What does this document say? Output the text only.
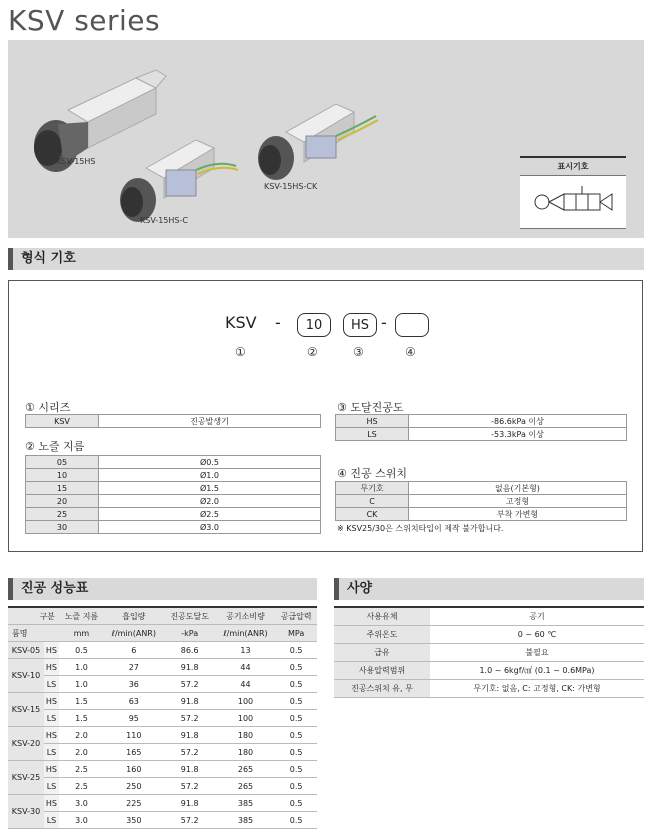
KSV series
KSV-15HS
KSV-15HS-C
KSV-15HS-CK
표시기호
형식 기호
KSV -	10	HS -
①	②	③	④
① 시리즈
KSV	진공발생기
② 노즐 지름
05	Ø0.5
10	Ø1.0
15	Ø1.5
20	Ø2.0
25	Ø2.5
30	Ø3.0
③ 도달진공도
HS	-86.6kPa 이상
LS	-53.3kPa 이상
④ 진공 스위치
무기호	없음(기본형)
C	고정형
CK	부착 가변형
※ KSV25/30은 스위치타입이 제작 불가합니다.
진공 성능표
구분		노즐 지름	흡입량	진공도달도	공기소비량	공급압력
품명		mm	ℓ/min(ANR)	-kPa	ℓ/min(ANR)	MPa
KSV-05	HS	0.5	6	86.6	13	0.5
KSV-10	HS	1.0	27	91.8	44	0.5
	LS	1.0	36	57.2	44	0.5
KSV-15	HS	1.5	63	91.8	100	0.5
	LS	1.5	95	57.2	100	0.5
KSV-20	HS	2.0	110	91.8	180	0.5
	LS	2.0	165	57.2	180	0.5
KSV-25	HS	2.5	160	91.8	265	0.5
	LS	2.5	250	57.2	265	0.5
KSV-30	HS	3.0	225	91.8	385	0.5
	LS	3.0	350	57.2	385	0.5
사양
사용유체	공기
주위온도	0 ~ 60 ℃
급유	불필요
사용압력범위	1.0 ~ 6kgf/㎠ (0.1 ~ 0.6MPa)
진공스위치 유, 무	무기호: 없음, C: 고정형, CK: 가변형
